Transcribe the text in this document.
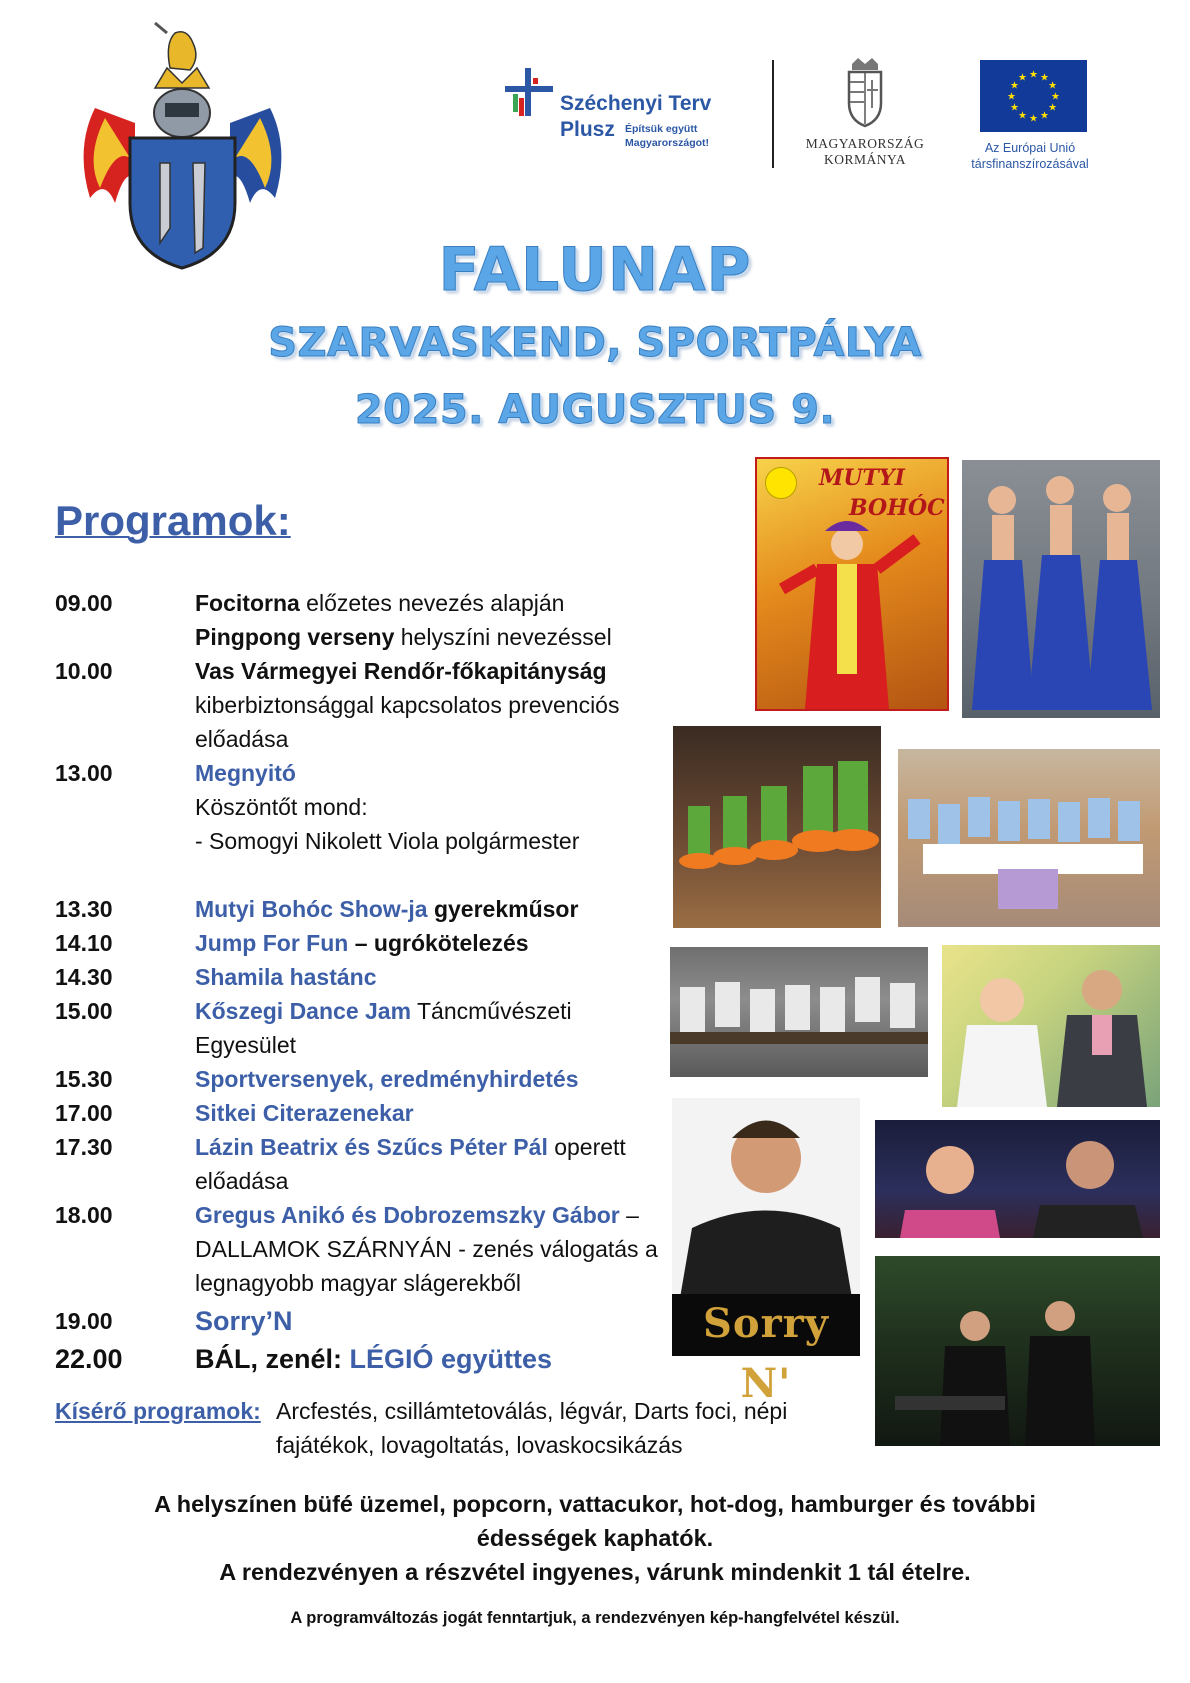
Széchenyi Terv
Plusz Építsük együtt
Magyarországot!	MAGYARORSZÁG
KORMÁNYA
★ ★
★
★
★
★
★
★
★
★
★
★
Az Európai Unió
társfinanszírozásával
FALUNAP
SZARVASKEND, SPORTPÁLYA
2025. AUGUSZTUS 9.
Programok:
09.00	Focitorna előzetes nevezés alapján
Pingpong verseny helyszíni nevezéssel
10.00	Vas Vármegyei Rendőr-főkapitányság
kiberbiztonsággal kapcsolatos prevenciós előadása
13.00	Megnyitó
Köszöntőt mond:
- Somogyi Nikolett Viola polgármester
13.30	Mutyi Bohóc Show-ja gyerekműsor
14.10	Jump For Fun – ugrókötelezés
14.30	Shamila hastánc
15.00	Kőszegi Dance Jam Táncművészeti Egyesület
15.30	Sportversenyek, eredményhirdetés
17.00	Sitkei Citerazenekar
17.30	Lázin Beatrix és Szűcs Péter Pál operett előadása
18.00	Gregus Anikó és Dobrozemszky Gábor – DALLAMOK SZÁRNYÁN - zenés válogatás a legnagyobb magyar slágerekből
19.00	Sorry’N
22.00	BÁL, zenél: LÉGIÓ együttes
MUTYI
BOHÓC
Sorry N'
Kísérő programok: Arcfestés, csillámtetoválás, légvár, Darts foci, népi fajátékok, lovagoltatás, lovaskocsikázás
A helyszínen büfé üzemel, popcorn, vattacukor, hot-dog, hamburger és további
édességek kaphatók.
A rendezvényen a részvétel ingyenes, várunk mindenkit 1 tál ételre.
A programváltozás jogát fenntartjuk, a rendezvényen kép-hangfelvétel készül.
